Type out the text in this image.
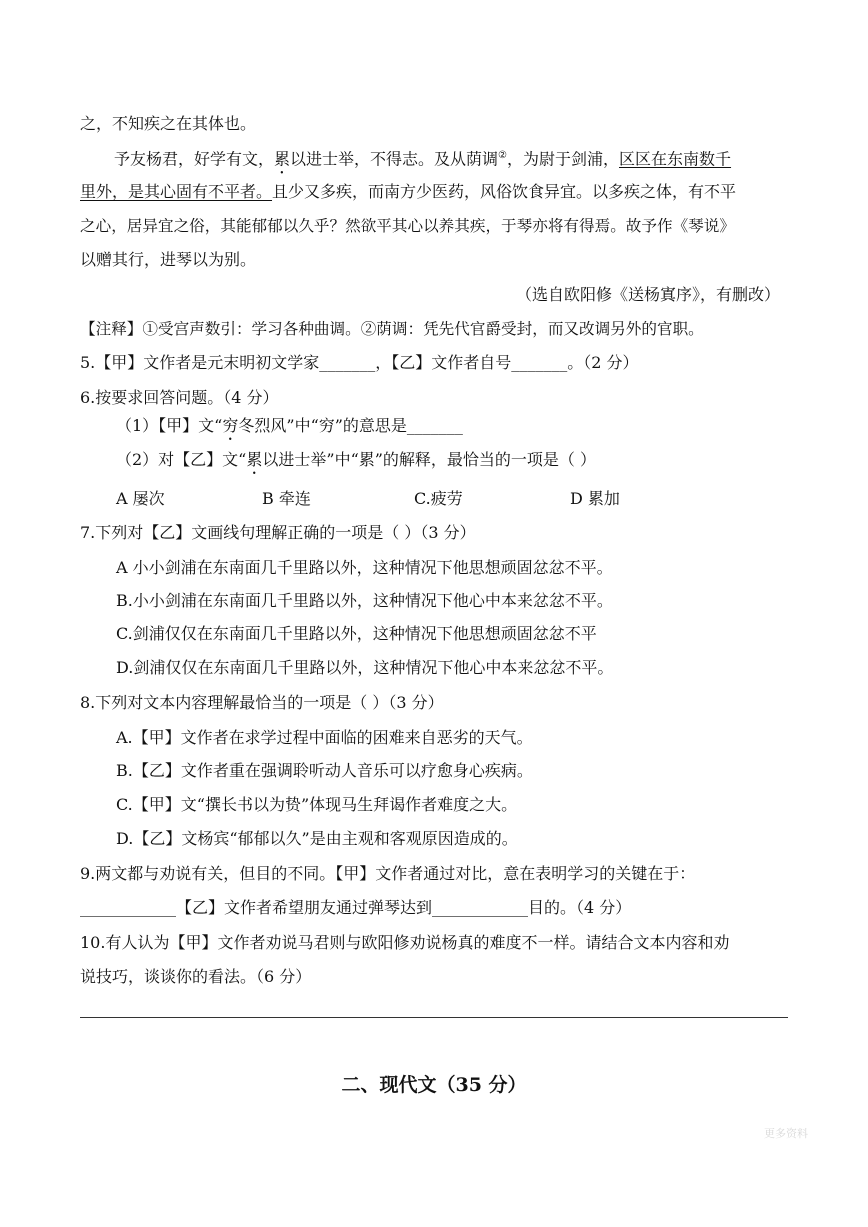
之，不知疾之在其体也。
予友杨君，好学有文，累以进士举，不得志。及从荫调②，为尉于剑浦，区区在东南数千
里外，是其心固有不平者。且少又多疾，而南方少医药，风俗饮食异宜。以多疾之体，有不平
之心，居异宜之俗，其能郁郁以久乎？然欲平其心以养其疾，于琴亦将有得焉。故予作《琴说》
以赠其行，进琴以为别。
（选自欧阳修《送杨寘序》，有删改）
【注释】①受宫声数引：学习各种曲调。②荫调：凭先代官爵受封，而又改调另外的官职。
5.【甲】文作者是元末明初文学家_______，【乙】文作者自号_______。（2 分）
6.按要求回答问题。（4 分）
（1）【甲】文“穷冬烈风”中“穷”的意思是_______
（2）对【乙】文“累以进士举”中“累”的解释，最恰当的一项是（ ）
A 屡次	B 牵连	C.疲劳	D 累加
7.下列对【乙】文画线句理解正确的一项是（ ）（3 分）
A 小小剑浦在东南面几千里路以外，这种情况下他思想顽固忿忿不平。
B.小小剑浦在东南面几千里路以外，这种情况下他心中本来忿忿不平。
C.剑浦仅仅在东南面几千里路以外，这种情况下他思想顽固忿忿不平
D.剑浦仅仅在东南面几千里路以外，这种情况下他心中本来忿忿不平。
8.下列对文本内容理解最恰当的一项是（ ）（3 分）
A.【甲】文作者在求学过程中面临的困难来自恶劣的天气。
B.【乙】文作者重在强调聆听动人音乐可以疗愈身心疾病。
C.【甲】文“撰长书以为贽”体现马生拜谒作者难度之大。
D.【乙】文杨宾“郁郁以久”是由主观和客观原因造成的。
9.两文都与劝说有关，但目的不同。【甲】文作者通过对比，意在表明学习的关键在于：
____________【乙】文作者希望朋友通过弹琴达到____________目的。（4 分）
10.有人认为【甲】文作者劝说马君则与欧阳修劝说杨真的难度不一样。请结合文本内容和劝
说技巧，谈谈你的看法。（6 分）
二、现代文（35 分）
更多资料
